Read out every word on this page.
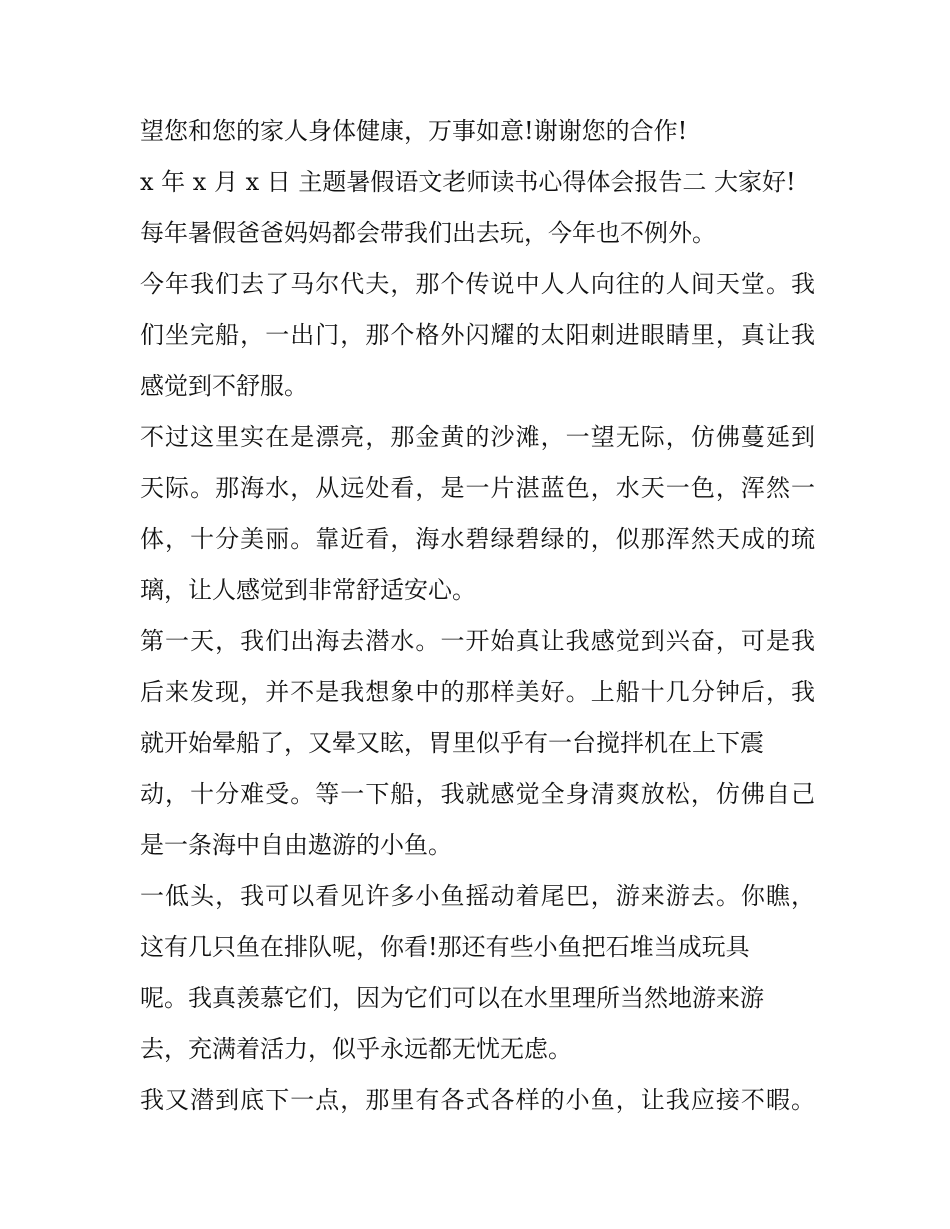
望您和您的家人身体健康，万事如意!谢谢您的合作!
x 年 x 月 x 日 主题暑假语文老师读书心得体会报告二 大家好!
每年暑假爸爸妈妈都会带我们出去玩，今年也不例外。
今年我们去了马尔代夫，那个传说中人人向往的人间天堂。我
们坐完船，一出门，那个格外闪耀的太阳刺进眼睛里，真让我
感觉到不舒服。
不过这里实在是漂亮，那金黄的沙滩，一望无际，仿佛蔓延到
天际。那海水，从远处看，是一片湛蓝色，水天一色，浑然一
体，十分美丽。靠近看，海水碧绿碧绿的，似那浑然天成的琉
璃，让人感觉到非常舒适安心。
第一天，我们出海去潜水。一开始真让我感觉到兴奋，可是我
后来发现，并不是我想象中的那样美好。上船十几分钟后，我
就开始晕船了，又晕又眩，胃里似乎有一台搅拌机在上下震
动，十分难受。等一下船，我就感觉全身清爽放松，仿佛自己
是一条海中自由遨游的小鱼。
一低头，我可以看见许多小鱼摇动着尾巴，游来游去。你瞧，
这有几只鱼在排队呢，你看!那还有些小鱼把石堆当成玩具
呢。我真羡慕它们，因为它们可以在水里理所当然地游来游
去，充满着活力，似乎永远都无忧无虑。
我又潜到底下一点，那里有各式各样的小鱼，让我应接不暇。
